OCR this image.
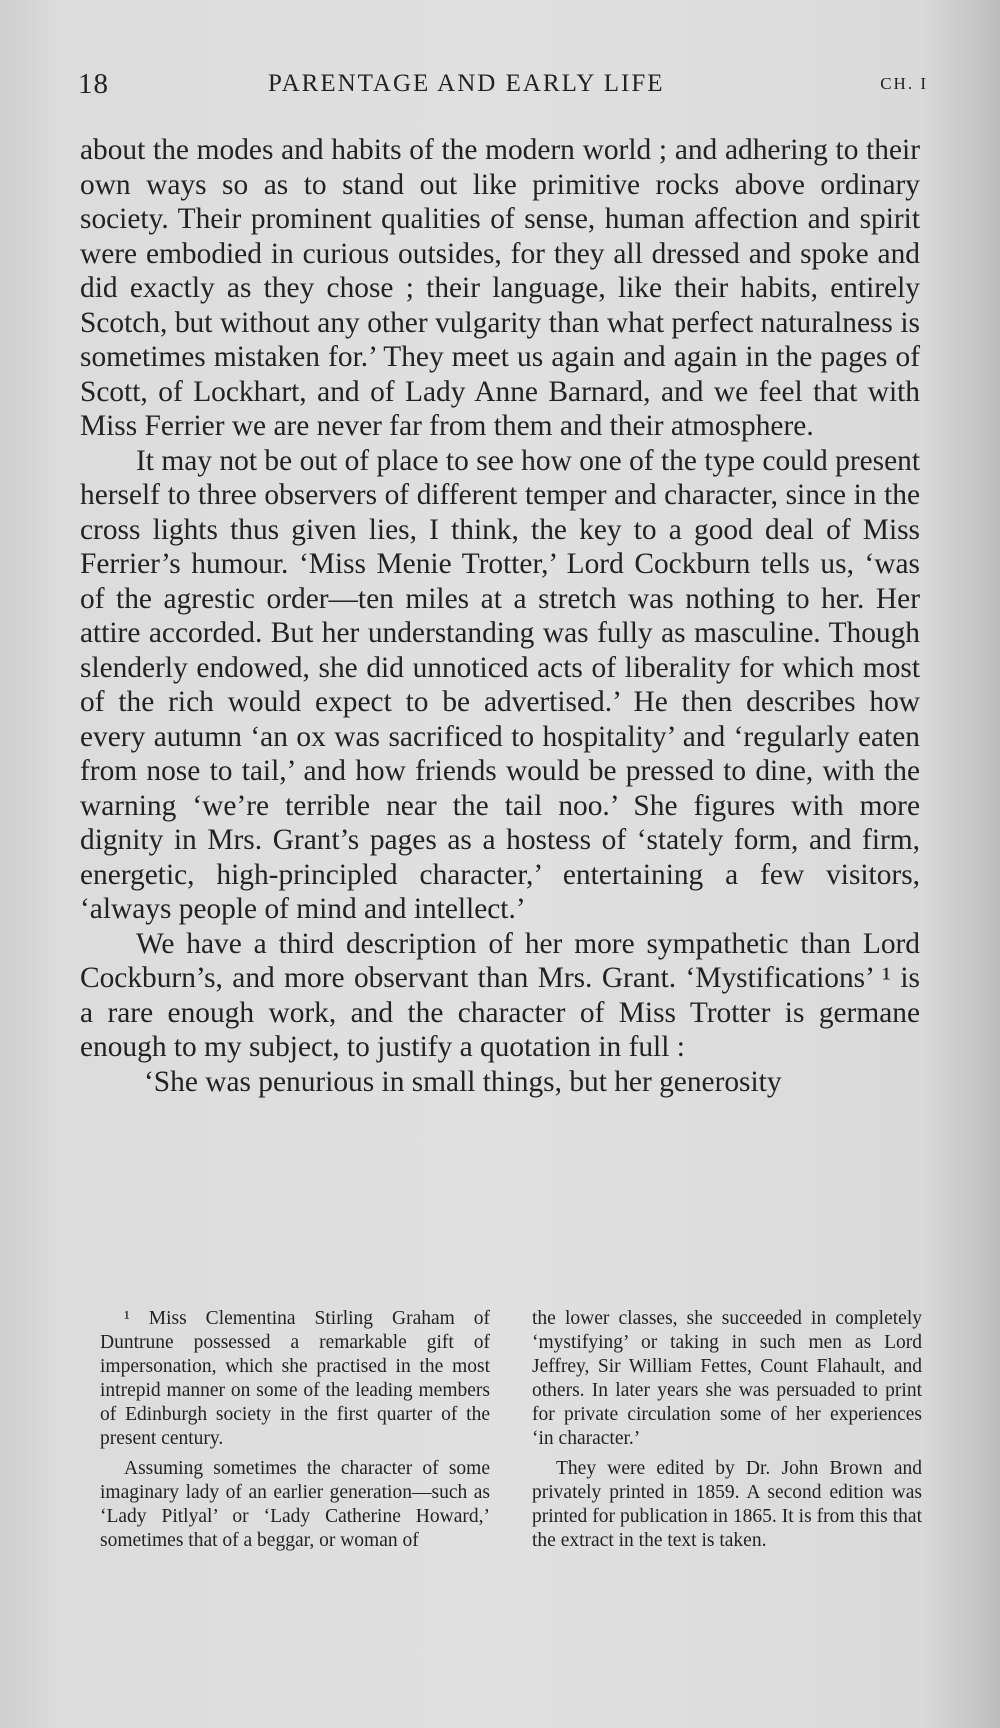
18	PARENTAGE AND EARLY LIFE	CH. I

about the modes and habits of the modern world ; and adhering to their own ways so as to stand out like primitive rocks above ordinary society. Their prominent qualities of sense, human affection and spirit were embodied in curious outsides, for they all dressed and spoke and did exactly as they chose ; their language, like their habits, entirely Scotch, but without any other vulgarity than what perfect naturalness is sometimes mistaken for.’ They meet us again and again in the pages of Scott, of Lockhart, and of Lady Anne Barnard, and we feel that with Miss Ferrier we are never far from them and their atmosphere.

It may not be out of place to see how one of the type could present herself to three observers of different temper and character, since in the cross lights thus given lies, I think, the key to a good deal of Miss Ferrier’s humour. ‘Miss Menie Trotter,’ Lord Cockburn tells us, ‘was of the agrestic order—ten miles at a stretch was nothing to her. Her attire accorded. But her understanding was fully as masculine. Though slenderly endowed, she did unnoticed acts of liberality for which most of the rich would expect to be advertised.’ He then describes how every autumn ‘an ox was sacrificed to hospitality’ and ‘regularly eaten from nose to tail,’ and how friends would be pressed to dine, with the warning ‘we’re terrible near the tail noo.’ She figures with more dignity in Mrs. Grant’s pages as a hostess of ‘stately form, and firm, energetic, high-principled character,’ entertaining a few visitors, ‘always people of mind and intellect.’

We have a third description of her more sympathetic than Lord Cockburn’s, and more observant than Mrs. Grant. ‘Mystifications’ ¹ is a rare enough work, and the character of Miss Trotter is germane enough to my subject, to justify a quotation in full :

‘She was penurious in small things, but her generosity

¹ Miss Clementina Stirling Graham of Duntrune possessed a remarkable gift of impersonation, which she practised in the most intrepid manner on some of the leading members of Edinburgh society in the first quarter of the present century.

Assuming sometimes the character of some imaginary lady of an earlier generation—such as ‘Lady Pitlyal’ or ‘Lady Catherine Howard,’ sometimes that of a beggar, or woman of

the lower classes, she succeeded in completely ‘mystifying’ or taking in such men as Lord Jeffrey, Sir William Fettes, Count Flahault, and others. In later years she was persuaded to print for private circulation some of her experiences ‘in character.’

They were edited by Dr. John Brown and privately printed in 1859. A second edition was printed for publication in 1865. It is from this that the extract in the text is taken.
